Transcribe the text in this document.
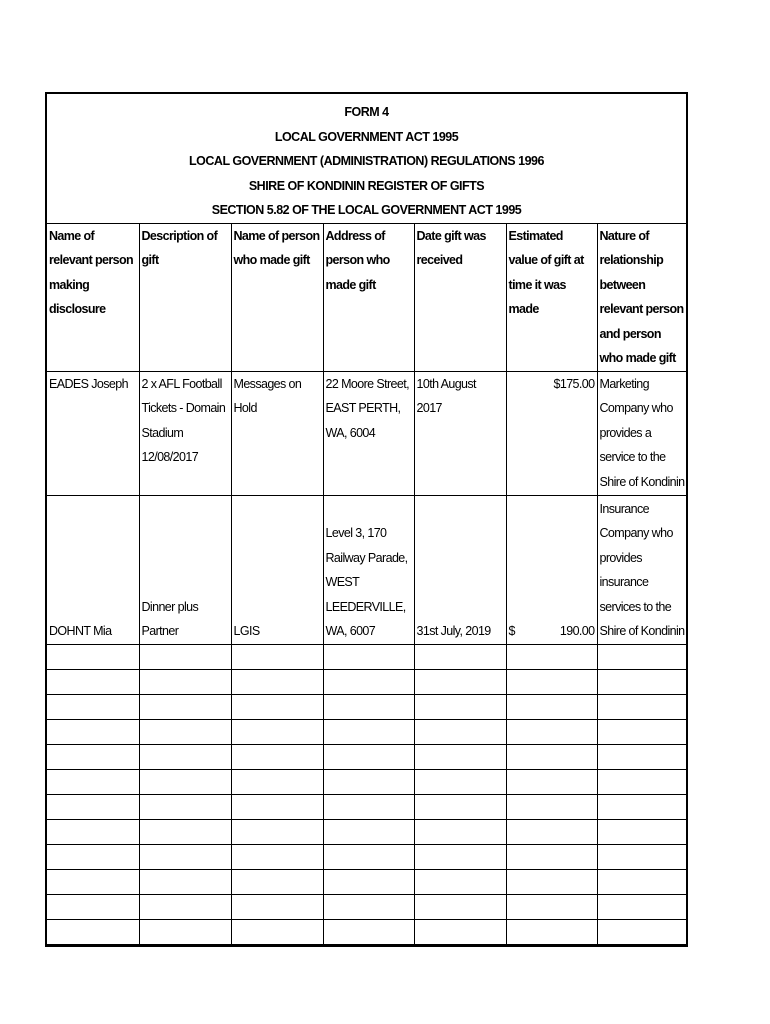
FORM 4
LOCAL GOVERNMENT ACT 1995
LOCAL GOVERNMENT (ADMINISTRATION) REGULATIONS 1996
SHIRE OF KONDININ REGISTER OF GIFTS
SECTION 5.82 OF THE LOCAL GOVERNMENT ACT 1995
Name of relevant person making disclosure	Description of gift	Name of person who made gift	Address of person who made gift	Date gift was received	Estimated value of gift at time it was made	Nature of relationship between relevant person and person who made gift
EADES Joseph	2 x AFL Football Tickets - Domain Stadium 12/08/2017	Messages on Hold	22 Moore Street, EAST PERTH, WA, 6004	10th August 2017	$175.00	Marketing Company who provides a service to the Shire of Kondinin
DOHNT Mia	Dinner plus Partner	LGIS	Level 3, 170 Railway Parade, WEST LEEDERVILLE, WA, 6007	31st July, 2019	$ 190.00	Insurance Company who provides insurance services to the Shire of Kondinin
